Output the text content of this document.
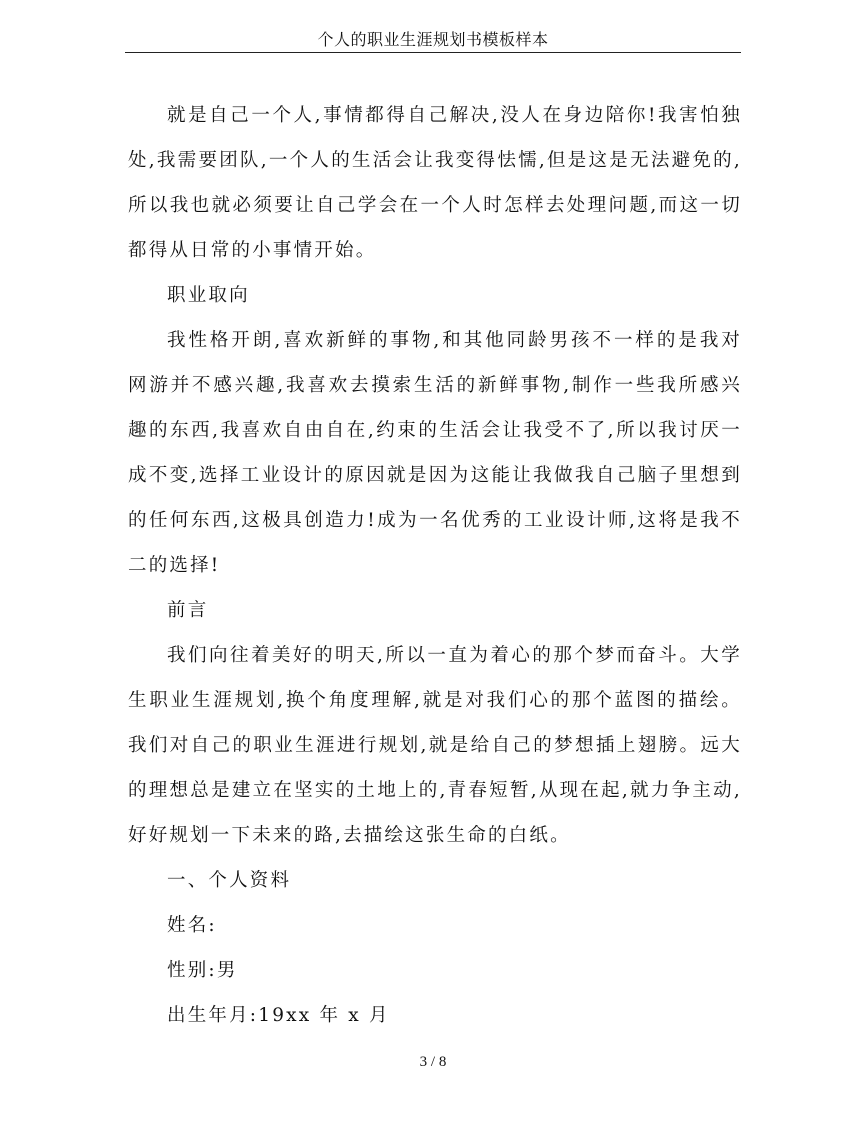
个人的职业生涯规划书模板样本

就是自己一个人,事情都得自己解决,没人在身边陪你!我害怕独处,我需要团队,一个人的生活会让我变得怯懦,但是这是无法避免的,所以我也就必须要让自己学会在一个人时怎样去处理问题,而这一切都得从日常的小事情开始。

职业取向

我性格开朗,喜欢新鲜的事物,和其他同龄男孩不一样的是我对网游并不感兴趣,我喜欢去摸索生活的新鲜事物,制作一些我所感兴趣的东西,我喜欢自由自在,约束的生活会让我受不了,所以我讨厌一成不变,选择工业设计的原因就是因为这能让我做我自己脑子里想到的任何东西,这极具创造力!成为一名优秀的工业设计师,这将是我不二的选择!

前言

我们向往着美好的明天,所以一直为着心的那个梦而奋斗。大学生职业生涯规划,换个角度理解,就是对我们心的那个蓝图的描绘。我们对自己的职业生涯进行规划,就是给自己的梦想插上翅膀。远大的理想总是建立在坚实的土地上的,青春短暂,从现在起,就力争主动,好好规划一下未来的路,去描绘这张生命的白纸。

一、个人资料

姓名:

性别:男

出生年月:19xx 年 x 月

3 / 8
